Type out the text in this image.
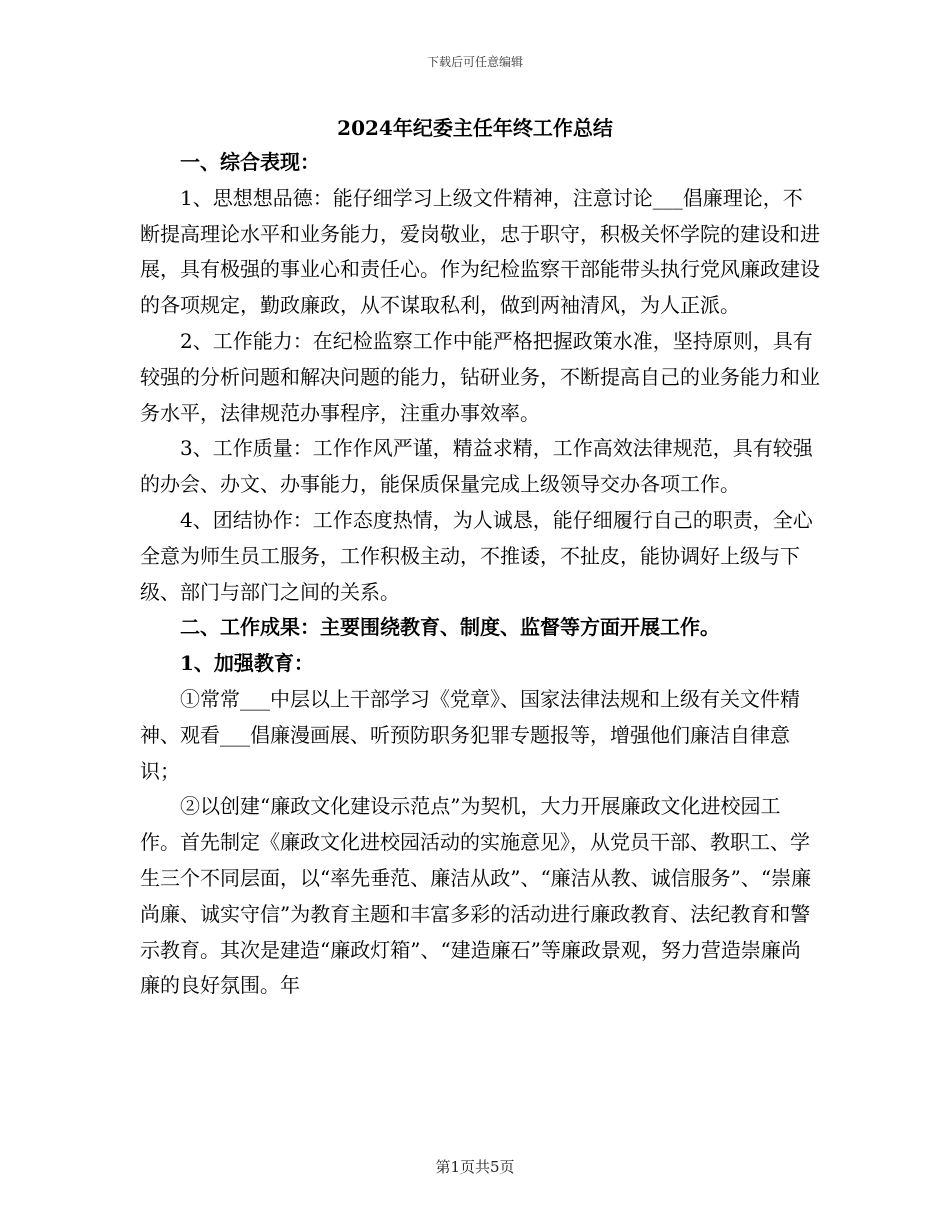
下载后可任意编辑
2024年纪委主任年终工作总结

一、综合表现：

1、思想想品德：能仔细学习上级文件精神，注意讨论___倡廉理论，不断提高理论水平和业务能力，爱岗敬业，忠于职守，积极关怀学院的建设和进展，具有极强的事业心和责任心。作为纪检监察干部能带头执行党风廉政建设的各项规定，勤政廉政，从不谋取私利，做到两袖清风，为人正派。

2、工作能力：在纪检监察工作中能严格把握政策水准，坚持原则，具有较强的分析问题和解决问题的能力，钻研业务，不断提高自己的业务能力和业务水平，法律规范办事程序，注重办事效率。

3、工作质量：工作作风严谨，精益求精，工作高效法律规范，具有较强的办会、办文、办事能力，能保质保量完成上级领导交办各项工作。

4、团结协作：工作态度热情，为人诚恳，能仔细履行自己的职责，全心全意为师生员工服务，工作积极主动，不推诿，不扯皮，能协调好上级与下级、部门与部门之间的关系。

二、工作成果：主要围绕教育、制度、监督等方面开展工作。

1、加强教育：

①常常___中层以上干部学习《党章》、国家法律法规和上级有关文件精神、观看___倡廉漫画展、听预防职务犯罪专题报等，增强他们廉洁自律意识；

②以创建“廉政文化建设示范点”为契机，大力开展廉政文化进校园工作。首先制定《廉政文化进校园活动的实施意见》，从党员干部、教职工、学生三个不同层面，以“率先垂范、廉洁从政”、“廉洁从教、诚信服务”、“崇廉尚廉、诚实守信”为教育主题和丰富多彩的活动进行廉政教育、法纪教育和警示教育。其次是建造“廉政灯箱”、“建造廉石”等廉政景观，努力营造崇廉尚廉的良好氛围。年

第1页共5页
